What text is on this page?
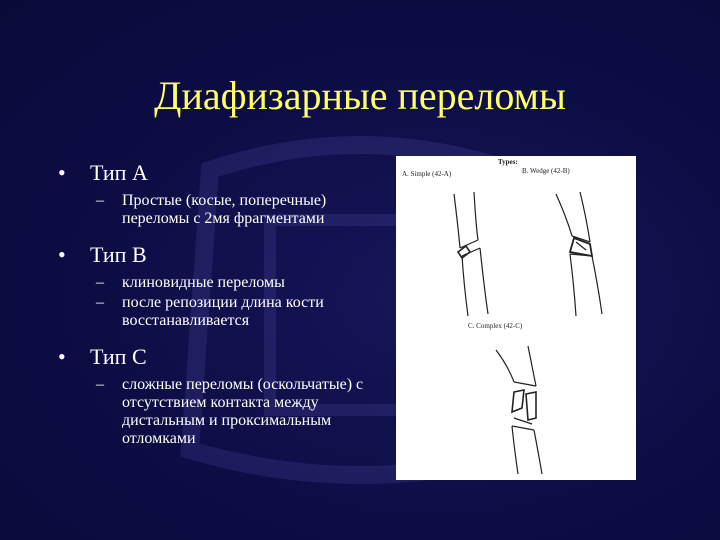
Диафизарные переломы
• Тип А
– Простые (косые, поперечные) переломы с 2мя фрагментами
• Тип В
– клиновидные переломы
– после репозиции длина кости восстанавливается
• Тип С
– сложные переломы (оскольчатые) с отсутствием контакта между дистальным и проксимальным отломками
Types:
A. Simple (42-A)	B. Wedge (42-B)
C. Complex (42-C)
